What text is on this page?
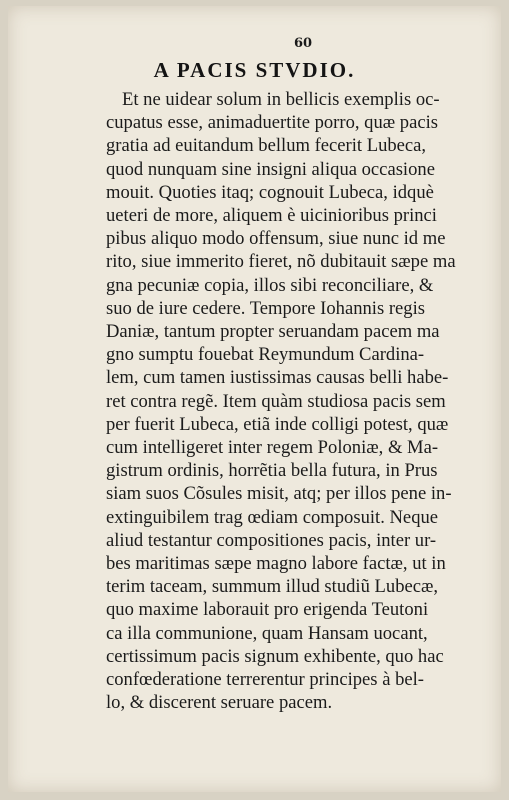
60
A PACIS STVDIO.
Et ne uidear solum in bellicis exemplis oc-
cupatus esse, animaduertite porro, quæ pacis
gratia ad euitandum bellum fecerit Lubeca,
quod nunquam sine insigni aliqua occasione
mouit. Quoties itaq; cognouit Lubeca, idquè
ueteri de more, aliquem è uicinioribus princi
pibus aliquo modo offensum, siue nunc id me
rito, siue immerito fieret, nõ dubitauit sæpe ma
gna pecuniæ copia, illos sibi reconciliare, &
suo de iure cedere. Tempore Iohannis regis
Daniæ, tantum propter seruandam pacem ma
gno sumptu fouebat Reymundum Cardina-
lem, cum tamen iustissimas causas belli habe-
ret contra regẽ. Item quàm studiosa pacis sem
per fuerit Lubeca, etiã inde colligi potest, quæ
cum intelligeret inter regem Poloniæ, & Ma-
gistrum ordinis, horrẽtia bella futura, in Prus
siam suos Cõsules misit, atq; per illos pene in-
extinguibilem trag œdiam composuit. Neque
aliud testantur compositiones pacis, inter ur-
bes maritimas sæpe magno labore factæ, ut in
terim taceam, summum illud studiũ Lubecæ,
quo maxime laborauit pro erigenda Teutoni
ca illa communione, quam Hansam uocant,
certissimum pacis signum exhibente, quo hac
confœderatione terrerentur principes à bel-
lo, & discerent seruare pacem.
